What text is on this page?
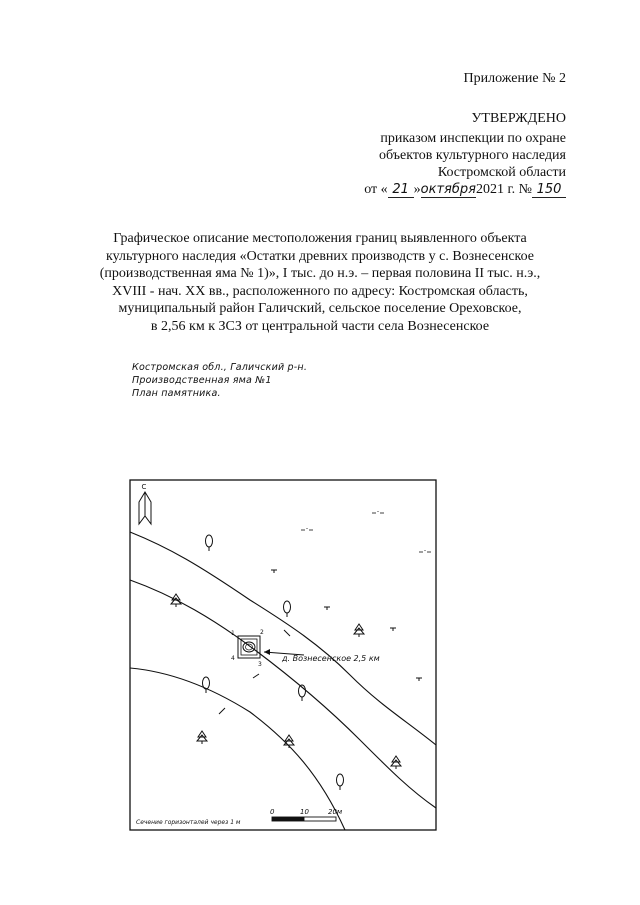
Приложение № 2
УТВЕРЖДЕНО
приказом инспекции по охране
объектов культурного наследия
Костромской области
от « 21 »октября2021 г. № 150
Графическое описание местоположения границ выявленного объекта
культурного наследия «Остатки древних производств у с. Вознесенское
(производственная яма № 1)», I тыс. до н.э. – первая половина II тыс. н.э.,
XVIII - нач. XX вв., расположенного по адресу: Костромская область,
муниципальный район Галичский, сельское поселение Ореховское,
в 2,56 км к ЗСЗ от центральной части села Вознесенское
Костромская обл., Галичский р-н.
Производственная яма №1
План памятника.
С
1	2
3
4	д. Вознесенское 2,5 км
Сечение горизонталей через 1 м
0	10	20м
